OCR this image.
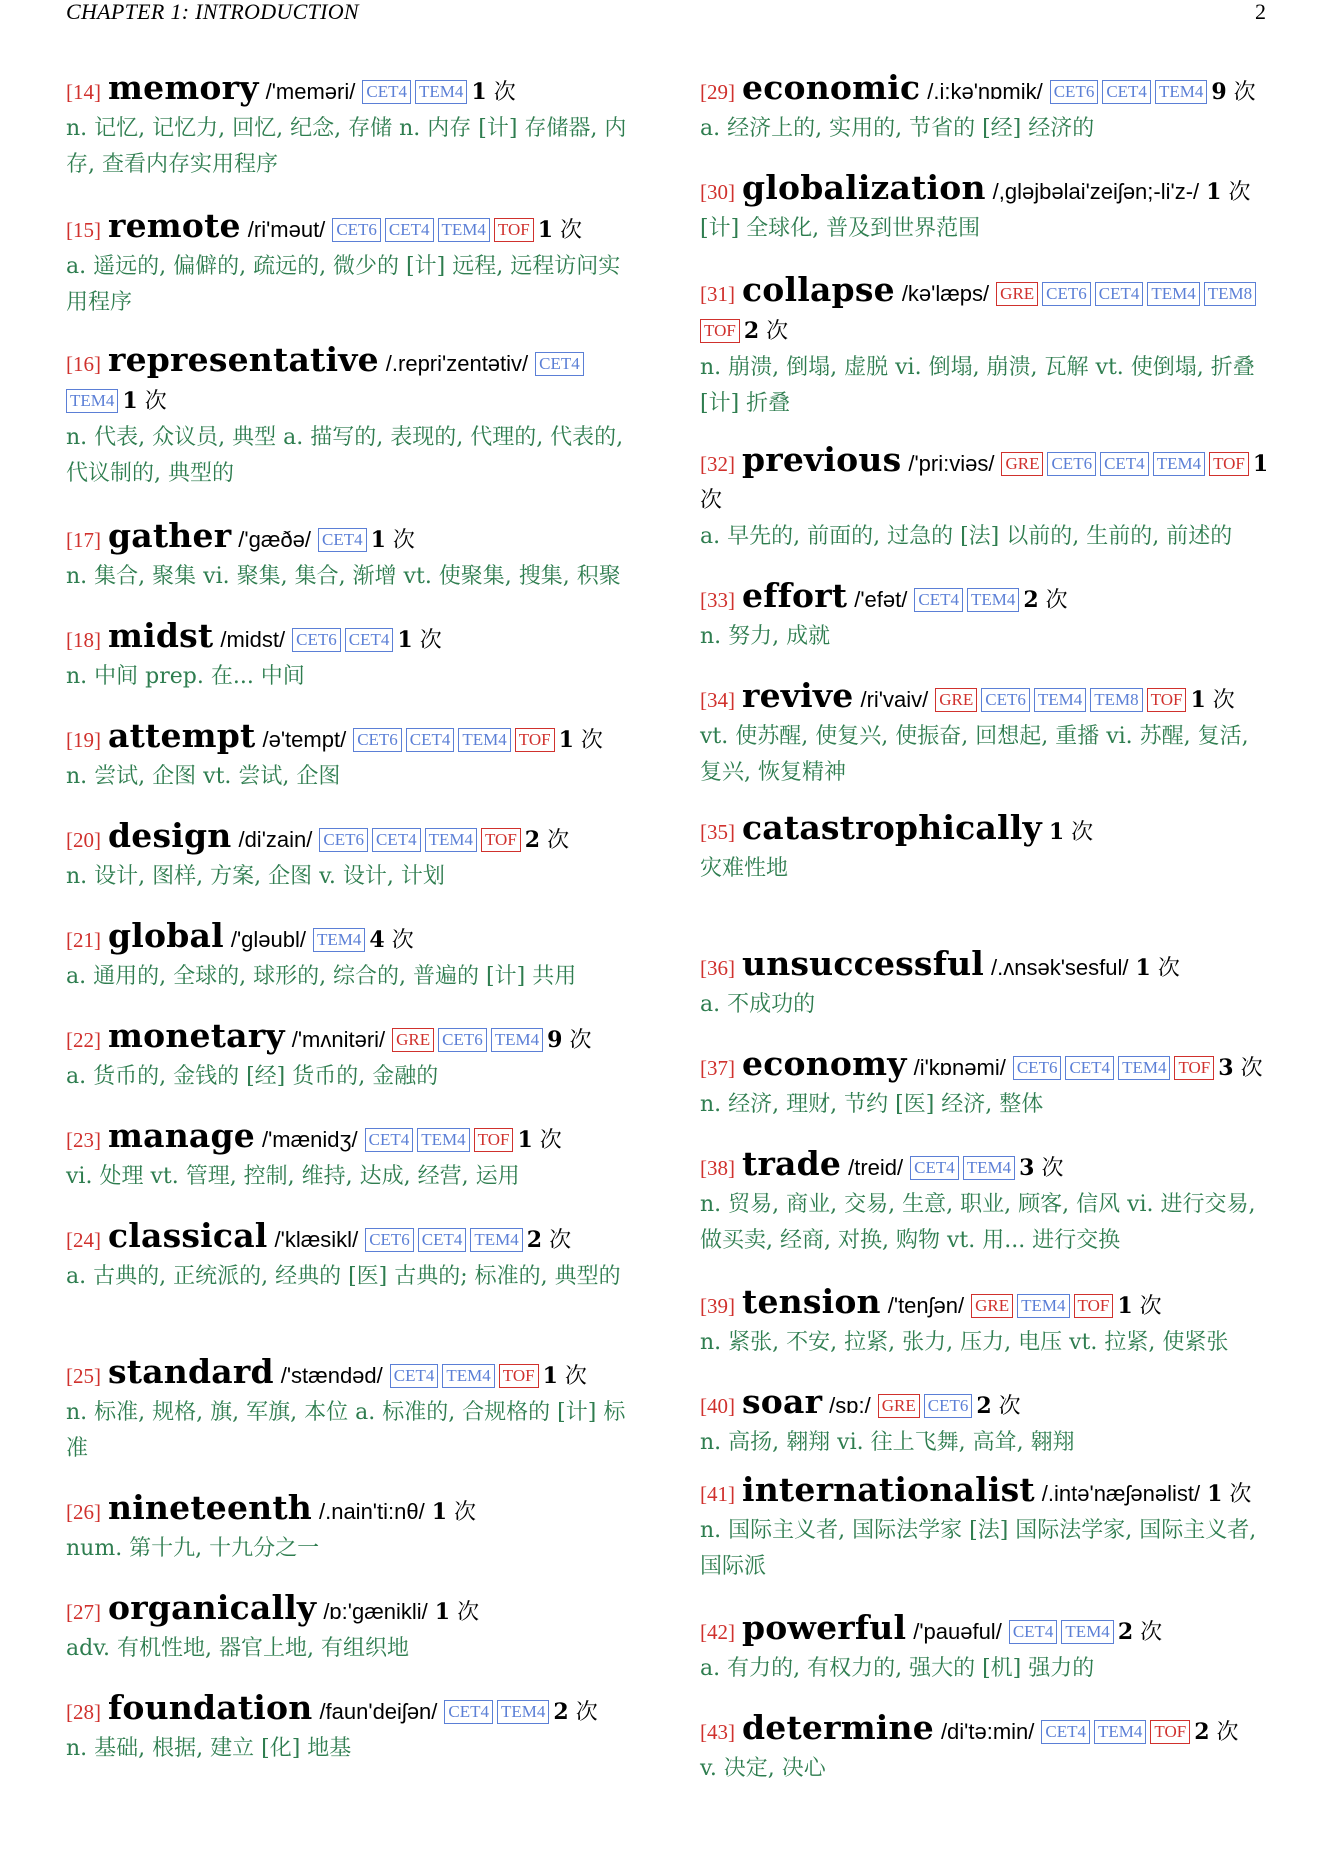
CHAPTER 1: INTRODUCTION	2
[14] memory /'meməri/ CET4 TEM4 1 次
n. 记忆, 记忆力, 回忆, 纪念, 存储 n. 内存 [计] 存储器, 内存, 查看内存实用程序
[15] remote /ri'məut/ CET6 CET4 TEM4 TOF 1 次
a. 遥远的, 偏僻的, 疏远的, 微少的 [计] 远程, 远程访问实用程序
[16] representative /.repri'zentətiv/ CET4TEM4 1 次
n. 代表, 众议员, 典型 a. 描写的, 表现的, 代理的, 代表的, 代议制的, 典型的
[17] gather /'gæðə/ CET4 1 次
n. 集合, 聚集 vi. 聚集, 集合, 渐增 vt. 使聚集, 搜集, 积聚
[18] midst /midst/ CET6 CET4 1 次
n. 中间 prep. 在... 中间
[19] attempt /ə'tempt/ CET6 CET4 TEM4 TOF 1 次
n. 尝试, 企图 vt. 尝试, 企图
[20] design /di'zain/ CET6 CET4 TEM4 TOF 2 次
n. 设计, 图样, 方案, 企图 v. 设计, 计划
[21] global /'gləubl/ TEM4 4 次
a. 通用的, 全球的, 球形的, 综合的, 普遍的 [计] 共用
[22] monetary /'mʌnitəri/ GRE CET6 TEM4 9 次
a. 货币的, 金钱的 [经] 货币的, 金融的
[23] manage /'mænidʒ/ CET4 TEM4 TOF 1 次
vi. 处理 vt. 管理, 控制, 维持, 达成, 经营, 运用
[24] classical /'klæsikl/ CET6 CET4 TEM4 2 次
a. 古典的, 正统派的, 经典的 [医] 古典的; 标准的, 典型的
[25] standard /'stændəd/ CET4 TEM4 TOF 1 次
n. 标准, 规格, 旗, 军旗, 本位 a. 标准的, 合规格的 [计] 标准
[26] nineteenth /.nain'ti:nθ/ 1 次
num. 第十九, 十九分之一
[27] organically /ɒ:'gænikli/ 1 次
adv. 有机性地, 器官上地, 有组织地
[28] foundation /faun'deiʃən/ CET4 TEM4 2 次
n. 基础, 根据, 建立 [化] 地基
[29] economic /.i:kə'nɒmik/ CET6 CET4 TEM4 9 次
a. 经济上的, 实用的, 节省的 [经] 经济的
[30] globalization /,gləjbəlai'zeiʃən;-li'z-/ 1 次
[计] 全球化, 普及到世界范围
[31] collapse /kə'læps/ GRE CET6 CET4 TEM4 TEM8TOF 2 次
n. 崩溃, 倒塌, 虚脱 vi. 倒塌, 崩溃, 瓦解 vt. 使倒塌, 折叠 [计] 折叠
[32] previous /'pri:viəs/ GRE CET6 CET4 TEM4 TOF 1 次
a. 早先的, 前面的, 过急的 [法] 以前的, 生前的, 前述的
[33] effort /'efət/ CET4 TEM4 2 次
n. 努力, 成就
[34] revive /ri'vaiv/ GRE CET6 TEM4 TEM8 TOF 1 次
vt. 使苏醒, 使复兴, 使振奋, 回想起, 重播 vi. 苏醒, 复活, 复兴, 恢复精神
[35] catastrophically 1 次
灾难性地
[36] unsuccessful /.ʌnsək'sesful/ 1 次
a. 不成功的
[37] economy /i'kɒnəmi/ CET6 CET4 TEM4 TOF 3 次
n. 经济, 理财, 节约 [医] 经济, 整体
[38] trade /treid/ CET4 TEM4 3 次
n. 贸易, 商业, 交易, 生意, 职业, 顾客, 信风 vi. 进行交易, 做买卖, 经商, 对换, 购物 vt. 用... 进行交换
[39] tension /'tenʃən/ GRE TEM4 TOF 1 次
n. 紧张, 不安, 拉紧, 张力, 压力, 电压 vt. 拉紧, 使紧张
[40] soar /sɒ:/ GRE CET6 2 次
n. 高扬, 翱翔 vi. 往上飞舞, 高耸, 翱翔
[41] internationalist /.intə'næʃənəlist/ 1 次
n. 国际主义者, 国际法学家 [法] 国际法学家, 国际主义者, 国际派
[42] powerful /'pauəful/ CET4 TEM4 2 次
a. 有力的, 有权力的, 强大的 [机] 强力的
[43] determine /di'tə:min/ CET4 TEM4 TOF 2 次
v. 决定, 决心
